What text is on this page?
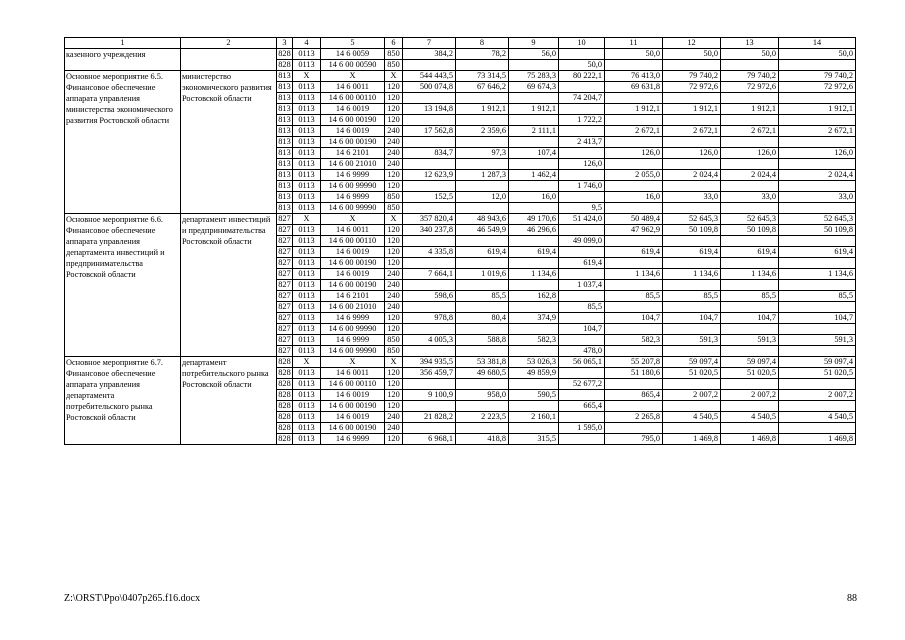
1	2	3	4	5	6	7	8	9	10	11	12	13	14
казенного учреждения		828	0113	14 6 0059	850	384,2	78,2	56,0		50,0	50,0	50,0	50,0
		828	0113	14 6 00 00590	850				50,0				
Основное мероприятие 6.5. Финансовое обеспечение аппарата управления министерства экономического развития Ростовской области	министерство экономического развития Ростовской области	813	Х	Х	Х	544 443,5	73 314,5	75 283,3	80 222,1	76 413,0	79 740,2	79 740,2	79 740,2
		813	0113	14 6 0011	120	500 074,8	67 646,2	69 674,3		69 631,8	72 972,6	72 972,6	72 972,6
		813	0113	14 6 00 00110	120				74 204,7				
		813	0113	14 6 0019	120	13 194,8	1 912,1	1 912,1		1 912,1	1 912,1	1 912,1	1 912,1
		813	0113	14 6 00 00190	120				1 722,2				
		813	0113	14 6 0019	240	17 562,8	2 359,6	2 111,1		2 672,1	2 672,1	2 672,1	2 672,1
		813	0113	14 6 00 00190	240				2 413,7				
		813	0113	14 6 2101	240	834,7	97,3	107,4		126,0	126,0	126,0	126,0
		813	0113	14 6 00 21010	240				126,0				
		813	0113	14 6 9999	120	12 623,9	1 287,3	1 462,4		2 055,0	2 024,4	2 024,4	2 024,4
		813	0113	14 6 00 99990	120				1 746,0				
		813	0113	14 6 9999	850	152,5	12,0	16,0		16,0	33,0	33,0	33,0
		813	0113	14 6 00 99990	850				9,5				
Основное мероприятие 6.6. Финансовое обеспечение аппарата управления департамента инвестиций и предпринимательства Ростовской области	департамент инвестиций и предпринимательства Ростовской области	827	Х	Х	Х	357 820,4	48 943,6	49 170,6	51 424,0	50 489,4	52 645,3	52 645,3	52 645,3
		827	0113	14 6 0011	120	340 237,8	46 549,9	46 296,6		47 962,9	50 109,8	50 109,8	50 109,8
		827	0113	14 6 00 00110	120				49 099,0				
		827	0113	14 6 0019	120	4 335,8	619,4	619,4		619,4	619,4	619,4	619,4
		827	0113	14 6 00 00190	120				619,4				
		827	0113	14 6 0019	240	7 664,1	1 019,6	1 134,6		1 134,6	1 134,6	1 134,6	1 134,6
		827	0113	14 6 00 00190	240				1 037,4				
		827	0113	14 6 2101	240	598,6	85,5	162,8		85,5	85,5	85,5	85,5
		827	0113	14 6 00 21010	240				85,5				
		827	0113	14 6 9999	120	978,8	80,4	374,9		104,7	104,7	104,7	104,7
		827	0113	14 6 00 99990	120				104,7				
		827	0113	14 6 9999	850	4 005,3	588,8	582,3		582,3	591,3	591,3	591,3
		827	0113	14 6 00 99990	850				478,0				
Основное мероприятие 6.7. Финансовое обеспечение аппарата управления департамента потребительского рынка Ростовской области	департамент потребительского рынка Ростовской области	828	Х	Х	Х	394 935,5	53 381,8	53 026,3	56 065,1	55 207,8	59 097,4	59 097,4	59 097,4
		828	0113	14 6 0011	120	356 459,7	49 680,5	49 859,9		51 180,6	51 020,5	51 020,5	51 020,5
		828	0113	14 6 00 00110	120				52 677,2				
		828	0113	14 6 0019	120	9 100,9	958,0	590,5		865,4	2 007,2	2 007,2	2 007,2
		828	0113	14 6 00 00190	120				665,4				
		828	0113	14 6 0019	240	21 828,2	2 223,5	2 160,1		2 265,8	4 540,5	4 540,5	4 540,5
		828	0113	14 6 00 00190	240				1 595,0				
		828	0113	14 6 9999	120	6 968,1	418,8	315,5		795,0	1 469,8	1 469,8	1 469,8
Z:\ORST\Ppo\0407p265.f16.docx	88
